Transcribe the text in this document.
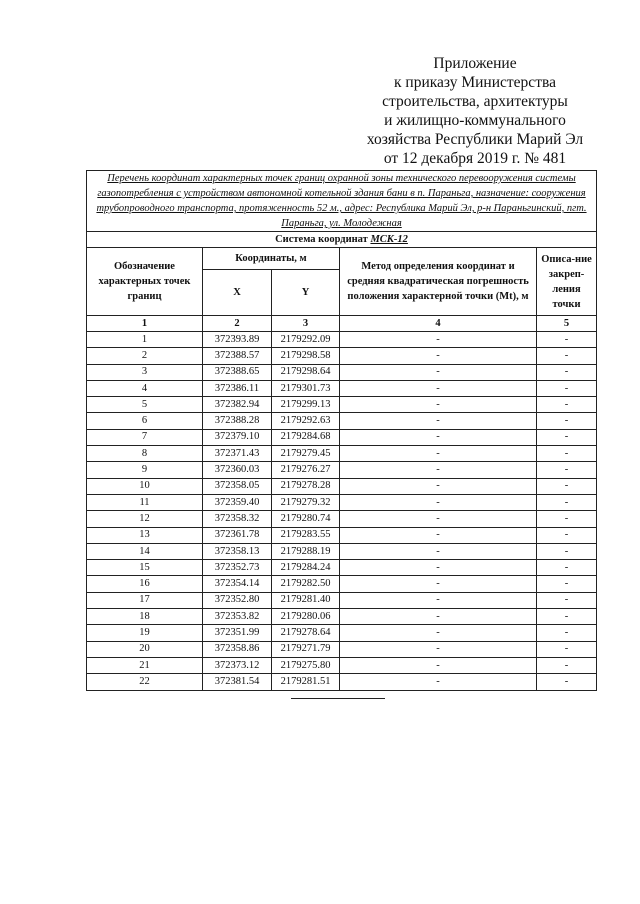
Приложение
к приказу Министерства
строительства, архитектуры
и жилищно-коммунального
хозяйства Республики Марий Эл
от 12 декабря 2019 г. № 481
Перечень координат характерных точек границ охранной зоны технического перевооружения системы газопотребления с устройством автономной котельной здания бани в п. Параньга, назначение: сооружения трубопроводного транспорта, протяженность 52 м., адрес: Республика Марий Эл, р-н Параньгинский, пгт. Параньга, ул. Молодежная				
Система координат МСК-12				
Обозначение характерных точек границ	Координаты, м		Метод определения координат и средняя квадратическая погрешность положения характерной точки (Mt), м	Описа-ние закреп-ления точки
	X	Y		
1	2	3	4	5
1	372393.89	2179292.09	-	-
2	372388.57	2179298.58	-	-
3	372388.65	2179298.64	-	-
4	372386.11	2179301.73	-	-
5	372382.94	2179299.13	-	-
6	372388.28	2179292.63	-	-
7	372379.10	2179284.68	-	-
8	372371.43	2179279.45	-	-
9	372360.03	2179276.27	-	-
10	372358.05	2179278.28	-	-
11	372359.40	2179279.32	-	-
12	372358.32	2179280.74	-	-
13	372361.78	2179283.55	-	-
14	372358.13	2179288.19	-	-
15	372352.73	2179284.24	-	-
16	372354.14	2179282.50	-	-
17	372352.80	2179281.40	-	-
18	372353.82	2179280.06	-	-
19	372351.99	2179278.64	-	-
20	372358.86	2179271.79	-	-
21	372373.12	2179275.80	-	-
22	372381.54	2179281.51	-	-
